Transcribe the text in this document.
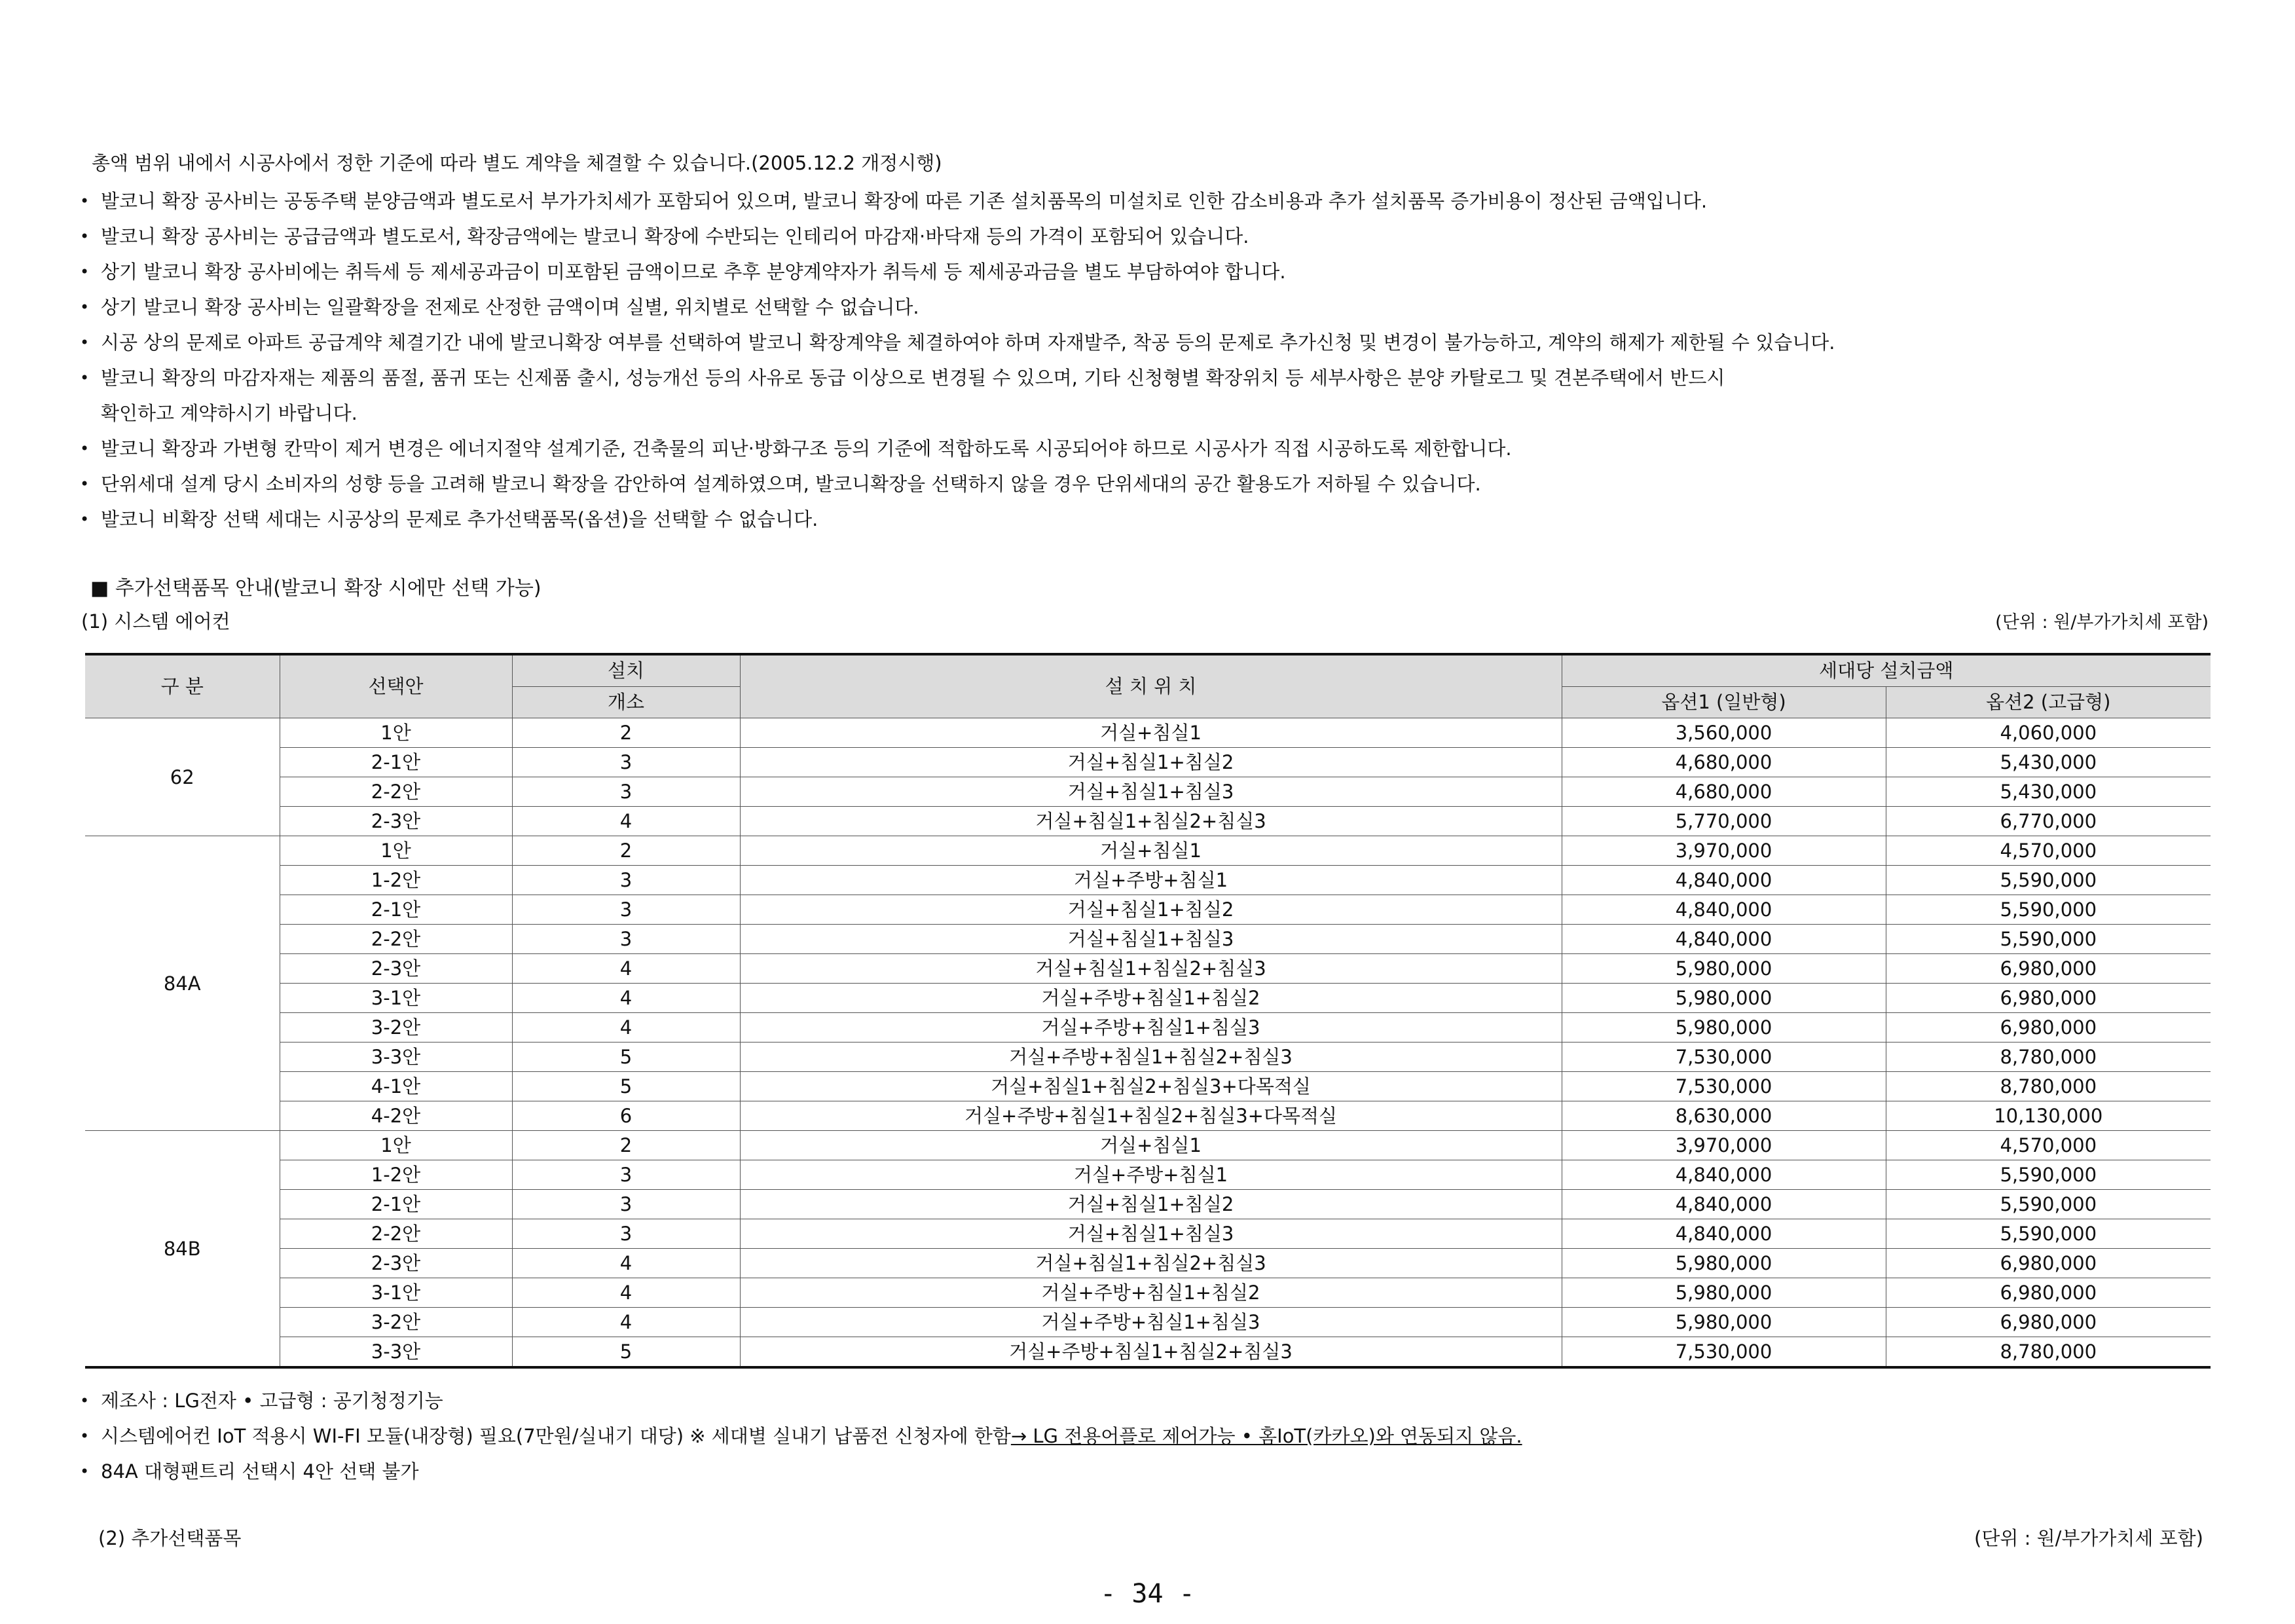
총액 범위 내에서 시공사에서 정한 기준에 따라 별도 계약을 체결할 수 있습니다.(2005.12.2 개정시행)
• 발코니 확장 공사비는 공동주택 분양금액과 별도로서 부가가치세가 포함되어 있으며, 발코니 확장에 따른 기존 설치품목의 미설치로 인한 감소비용과 추가 설치품목 증가비용이 정산된 금액입니다.
• 발코니 확장 공사비는 공급금액과 별도로서, 확장금액에는 발코니 확장에 수반되는 인테리어 마감재·바닥재 등의 가격이 포함되어 있습니다.
• 상기 발코니 확장 공사비에는 취득세 등 제세공과금이 미포함된 금액이므로 추후 분양계약자가 취득세 등 제세공과금을 별도 부담하여야 합니다.
• 상기 발코니 확장 공사비는 일괄확장을 전제로 산정한 금액이며 실별, 위치별로 선택할 수 없습니다.
• 시공 상의 문제로 아파트 공급계약 체결기간 내에 발코니확장 여부를 선택하여 발코니 확장계약을 체결하여야 하며 자재발주, 착공 등의 문제로 추가신청 및 변경이 불가능하고, 계약의 해제가 제한될 수 있습니다.
• 발코니 확장의 마감자재는 제품의 품절, 품귀 또는 신제품 출시, 성능개선 등의 사유로 동급 이상으로 변경될 수 있으며, 기타 신청형별 확장위치 등 세부사항은 분양 카탈로그 및 견본주택에서 반드시
확인하고 계약하시기 바랍니다.
• 발코니 확장과 가변형 칸막이 제거 변경은 에너지절약 설계기준, 건축물의 피난·방화구조 등의 기준에 적합하도록 시공되어야 하므로 시공사가 직접 시공하도록 제한합니다.
• 단위세대 설계 당시 소비자의 성향 등을 고려해 발코니 확장을 감안하여 설계하였으며, 발코니확장을 선택하지 않을 경우 단위세대의 공간 활용도가 저하될 수 있습니다.
• 발코니 비확장 선택 세대는 시공상의 문제로 추가선택품목(옵션)을 선택할 수 없습니다.
■ 추가선택품목 안내(발코니 확장 시에만 선택 가능)
(1) 시스템 에어컨	(단위 : 원/부가가치세 포함)
구 분	선택안	설치	설 치 위 치	세대당 설치금액	
		개소		옵션1 (일반형)	옵션2 (고급형)
62	1안	2	거실+침실1	3,560,000	4,060,000
	2-1안	3	거실+침실1+침실2	4,680,000	5,430,000
	2-2안	3	거실+침실1+침실3	4,680,000	5,430,000
	2-3안	4	거실+침실1+침실2+침실3	5,770,000	6,770,000
84A	1안	2	거실+침실1	3,970,000	4,570,000
	1-2안	3	거실+주방+침실1	4,840,000	5,590,000
	2-1안	3	거실+침실1+침실2	4,840,000	5,590,000
	2-2안	3	거실+침실1+침실3	4,840,000	5,590,000
	2-3안	4	거실+침실1+침실2+침실3	5,980,000	6,980,000
	3-1안	4	거실+주방+침실1+침실2	5,980,000	6,980,000
	3-2안	4	거실+주방+침실1+침실3	5,980,000	6,980,000
	3-3안	5	거실+주방+침실1+침실2+침실3	7,530,000	8,780,000
	4-1안	5	거실+침실1+침실2+침실3+다목적실	7,530,000	8,780,000
	4-2안	6	거실+주방+침실1+침실2+침실3+다목적실	8,630,000	10,130,000
84B	1안	2	거실+침실1	3,970,000	4,570,000
	1-2안	3	거실+주방+침실1	4,840,000	5,590,000
	2-1안	3	거실+침실1+침실2	4,840,000	5,590,000
	2-2안	3	거실+침실1+침실3	4,840,000	5,590,000
	2-3안	4	거실+침실1+침실2+침실3	5,980,000	6,980,000
	3-1안	4	거실+주방+침실1+침실2	5,980,000	6,980,000
	3-2안	4	거실+주방+침실1+침실3	5,980,000	6,980,000
	3-3안	5	거실+주방+침실1+침실2+침실3	7,530,000	8,780,000
• 제조사 : LG전자 • 고급형 : 공기청정기능
• 시스템에어컨 IoT 적용시 WI-FI 모듈(내장형) 필요(7만원/실내기 대당) ※ 세대별 실내기 납품전 신청자에 한함→ LG 전용어플로 제어가능 • 홈IoT(카카오)와 연동되지 않음.
• 84A 대형팬트리 선택시 4안 선택 불가
(2) 추가선택품목	(단위 : 원/부가가치세 포함)
- 34 -
